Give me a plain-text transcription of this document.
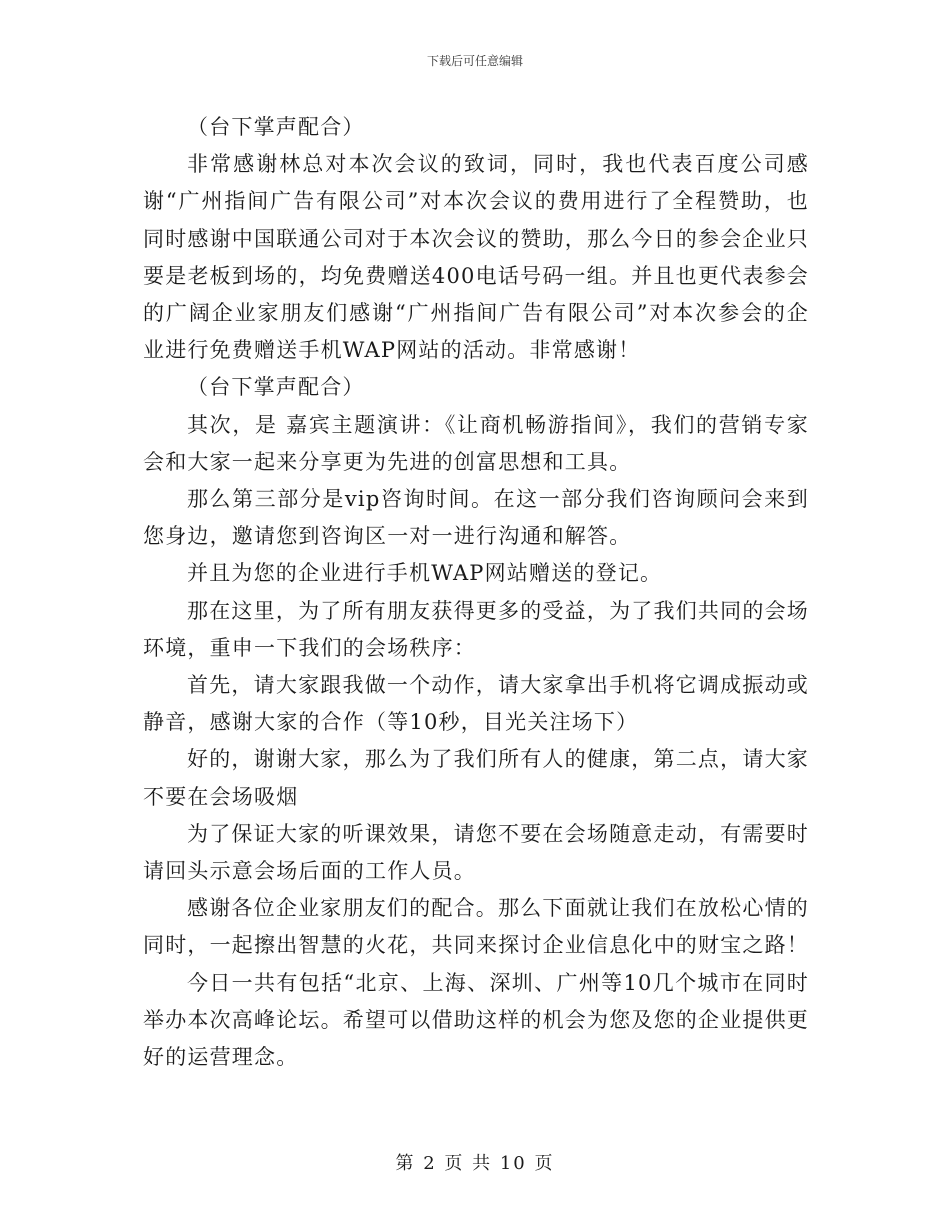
下载后可任意编辑

（台下掌声配合）

非常感谢林总对本次会议的致词，同时，我也代表百度公司感谢“广州指间广告有限公司”对本次会议的费用进行了全程赞助，也同时感谢中国联通公司对于本次会议的赞助，那么今日的参会企业只要是老板到场的，均免费赠送400电话号码一组。并且也更代表参会的广阔企业家朋友们感谢“广州指间广告有限公司”对本次参会的企业进行免费赠送手机WAP网站的活动。非常感谢！

（台下掌声配合）

其次，是 嘉宾主题演讲：《让商机畅游指间》，我们的营销专家会和大家一起来分享更为先进的创富思想和工具。

那么第三部分是vip咨询时间。在这一部分我们咨询顾问会来到您身边，邀请您到咨询区一对一进行沟通和解答。

并且为您的企业进行手机WAP网站赠送的登记。

那在这里，为了所有朋友获得更多的受益，为了我们共同的会场环境，重申一下我们的会场秩序：

首先，请大家跟我做一个动作，请大家拿出手机将它调成振动或静音，感谢大家的合作（等10秒，目光关注场下）

好的，谢谢大家，那么为了我们所有人的健康，第二点，请大家不要在会场吸烟

为了保证大家的听课效果，请您不要在会场随意走动，有需要时请回头示意会场后面的工作人员。

感谢各位企业家朋友们的配合。那么下面就让我们在放松心情的同时，一起擦出智慧的火花，共同来探讨企业信息化中的财宝之路！

今日一共有包括“北京、上海、深圳、广州等10几个城市在同时举办本次高峰论坛。希望可以借助这样的机会为您及您的企业提供更好的运营理念。

第 2 页 共 10 页
